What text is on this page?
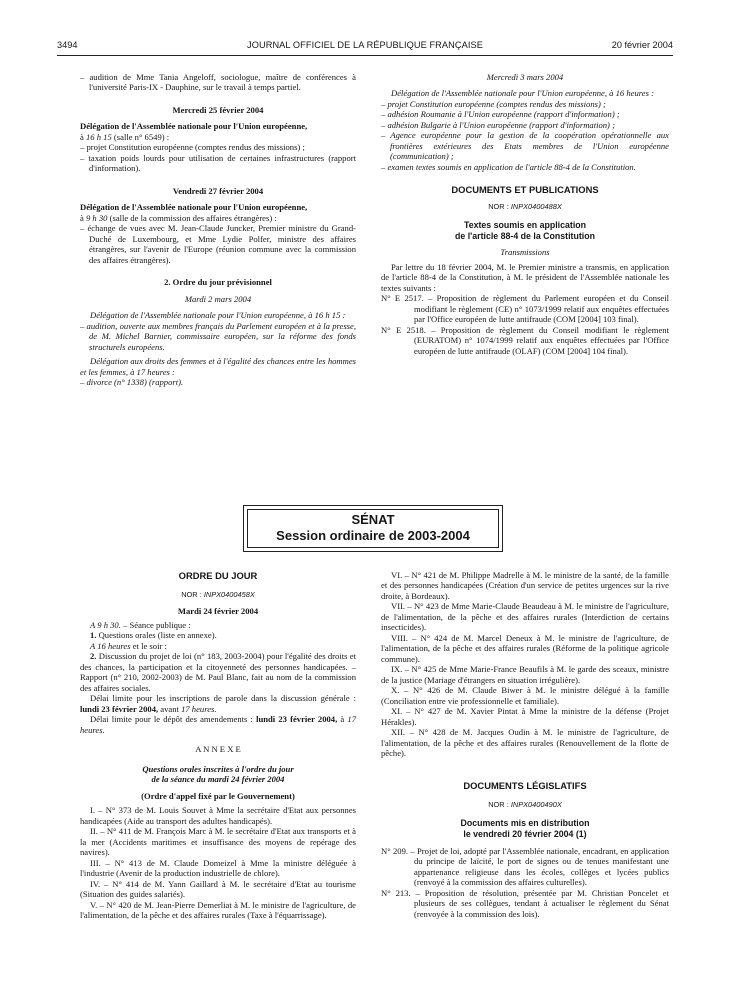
3494	JOURNAL OFFICIEL DE LA RÉPUBLIQUE FRANÇAISE	20 février 2004

– audition de Mme Tania Angeloff, sociologue, maître de conférences à l'université Paris-IX - Dauphine, sur le travail à temps partiel.

Mercredi 25 février 2004

Délégation de l'Assemblée nationale pour l'Union européenne,
à 16 h 15 (salle n° 6549) :

– projet Constitution européenne (comptes rendus des missions) ;

– taxation poids lourds pour utilisation de certaines infrastructures (rapport d'information).

Vendredi 27 février 2004

Délégation de l'Assemblée nationale pour l'Union européenne,
à 9 h 30 (salle de la commission des affaires étrangères) :

– échange de vues avec M. Jean-Claude Juncker, Premier ministre du Grand-Duché de Luxembourg, et Mme Lydie Polfer, ministre des affaires étrangères, sur l'avenir de l'Europe (réunion commune avec la commission des affaires étrangères).

2. Ordre du jour prévisionnel

Mardi 2 mars 2004

Délégation de l'Assemblée nationale pour l'Union européenne, à 16 h 15 :

– audition, ouverte aux membres français du Parlement européen et à la presse, de M. Michel Barnier, commissaire européen, sur la réforme des fonds structurels européens.

Délégation aux droits des femmes et à l'égalité des chances entre les hommes et les femmes, à 17 heures :

– divorce (n° 1338) (rapport).

Mercredi 3 mars 2004

Délégation de l'Assemblée nationale pour l'Union européenne, à 16 heures :

– projet Constitution européenne (comptes rendus des missions) ;

– adhésion Roumanie à l'Union européenne (rapport d'information) ;

– adhésion Bulgarie à l'Union européenne (rapport d'information) ;

– Agence européenne pour la gestion de la coopération opérationnelle aux frontières extérieures des Etats membres de l'Union européenne (communication) ;

– examen textes soumis en application de l'article 88-4 de la Constitution.

DOCUMENTS ET PUBLICATIONS

NOR : INPX0400488X

Textes soumis en application

de l'article 88-4 de la Constitution

Transmissions

Par lettre du 18 février 2004, M. le Premier ministre a transmis, en application de l'article 88-4 de la Constitution, à M. le président de l'Assemblée nationale les textes suivants :

N° E 2517. – Proposition de règlement du Parlement européen et du Conseil modifiant le règlement (CE) n° 1073/1999 relatif aux enquêtes effectuées par l'Office européen de lutte antifraude (COM [2004] 103 final).

N° E 2518. – Proposition de règlement du Conseil modifiant le règlement (EURATOM) n° 1074/1999 relatif aux enquêtes effectuées par l'Office européen de lutte antifraude (OLAF) (COM [2004] 104 final).

SÉNAT
Session ordinaire de 2003-2004

ORDRE DU JOUR

NOR : INPX0400458X

Mardi 24 février 2004

A 9 h 30. – Séance publique :

1. Questions orales (liste en annexe).

A 16 heures et le soir :

2. Discussion du projet de loi (n° 183, 2003-2004) pour l'égalité des droits et des chances, la participation et la citoyenneté des personnes handicapées. – Rapport (n° 210, 2002-2003) de M. Paul Blanc, fait au nom de la commission des affaires sociales.

Délai limite pour les inscriptions de parole dans la discussion générale : lundi 23 février 2004, avant 17 heures.

Délai limite pour le dépôt des amendements : lundi 23 février 2004, à 17 heures.

A N N E X E

Questions orales inscrites à l'ordre du jour

de la séance du mardi 24 février 2004

(Ordre d'appel fixé par le Gouvernement)

I. – N° 373 de M. Louis Souvet à Mme la secrétaire d'Etat aux personnes handicapées (Aide au transport des adultes handicapés).

II. – N° 411 de M. François Marc à M. le secrétaire d'Etat aux transports et à la mer (Accidents maritimes et insuffisance des moyens de repérage des navires).

III. – N° 413 de M. Claude Domeizel à Mme la ministre déléguée à l'industrie (Avenir de la production industrielle de chlore).

IV. – N° 414 de M. Yann Gaillard à M. le secrétaire d'Etat au tourisme (Situation des guides salariés).

V. – N° 420 de M. Jean-Pierre Demerliat à M. le ministre de l'agriculture, de l'alimentation, de la pêche et des affaires rurales (Taxe à l'équarrissage).

VI. – N° 421 de M. Philippe Madrelle à M. le ministre de la santé, de la famille et des personnes handicapées (Création d'un service de petites urgences sur la rive droite, à Bordeaux).

VII. – N° 423 de Mme Marie-Claude Beaudeau à M. le ministre de l'agriculture, de l'alimentation, de la pêche et des affaires rurales (Interdiction de certains insecticides).

VIII. – N° 424 de M. Marcel Deneux à M. le ministre de l'agriculture, de l'alimentation, de la pêche et des affaires rurales (Réforme de la politique agricole commune).

IX. – N° 425 de Mme Marie-France Beaufils à M. le garde des sceaux, ministre de la justice (Mariage d'étrangers en situation irrégulière).

X. – N° 426 de M. Claude Biwer à M. le ministre délégué à la famille (Conciliation entre vie professionnelle et familiale).

XI. – N° 427 de M. Xavier Pintat à Mme la ministre de la défense (Projet Hérakles).

XII. – N° 428 de M. Jacques Oudin à M. le ministre de l'agriculture, de l'alimentation, de la pêche et des affaires rurales (Renouvellement de la flotte de pêche).

DOCUMENTS LÉGISLATIFS

NOR : INPX0400490X

Documents mis en distribution

le vendredi 20 février 2004 (1)

N° 209. – Projet de loi, adopté par l'Assemblée nationale, encadrant, en application du principe de laïcité, le port de signes ou de tenues manifestant une appartenance religieuse dans les écoles, collèges et lycées publics (renvoyé à la commission des affaires culturelles).

N° 213. – Proposition de résolution, présentée par M. Christian Poncelet et plusieurs de ses collègues, tendant à actualiser le règlement du Sénat (renvoyée à la commission des lois).
